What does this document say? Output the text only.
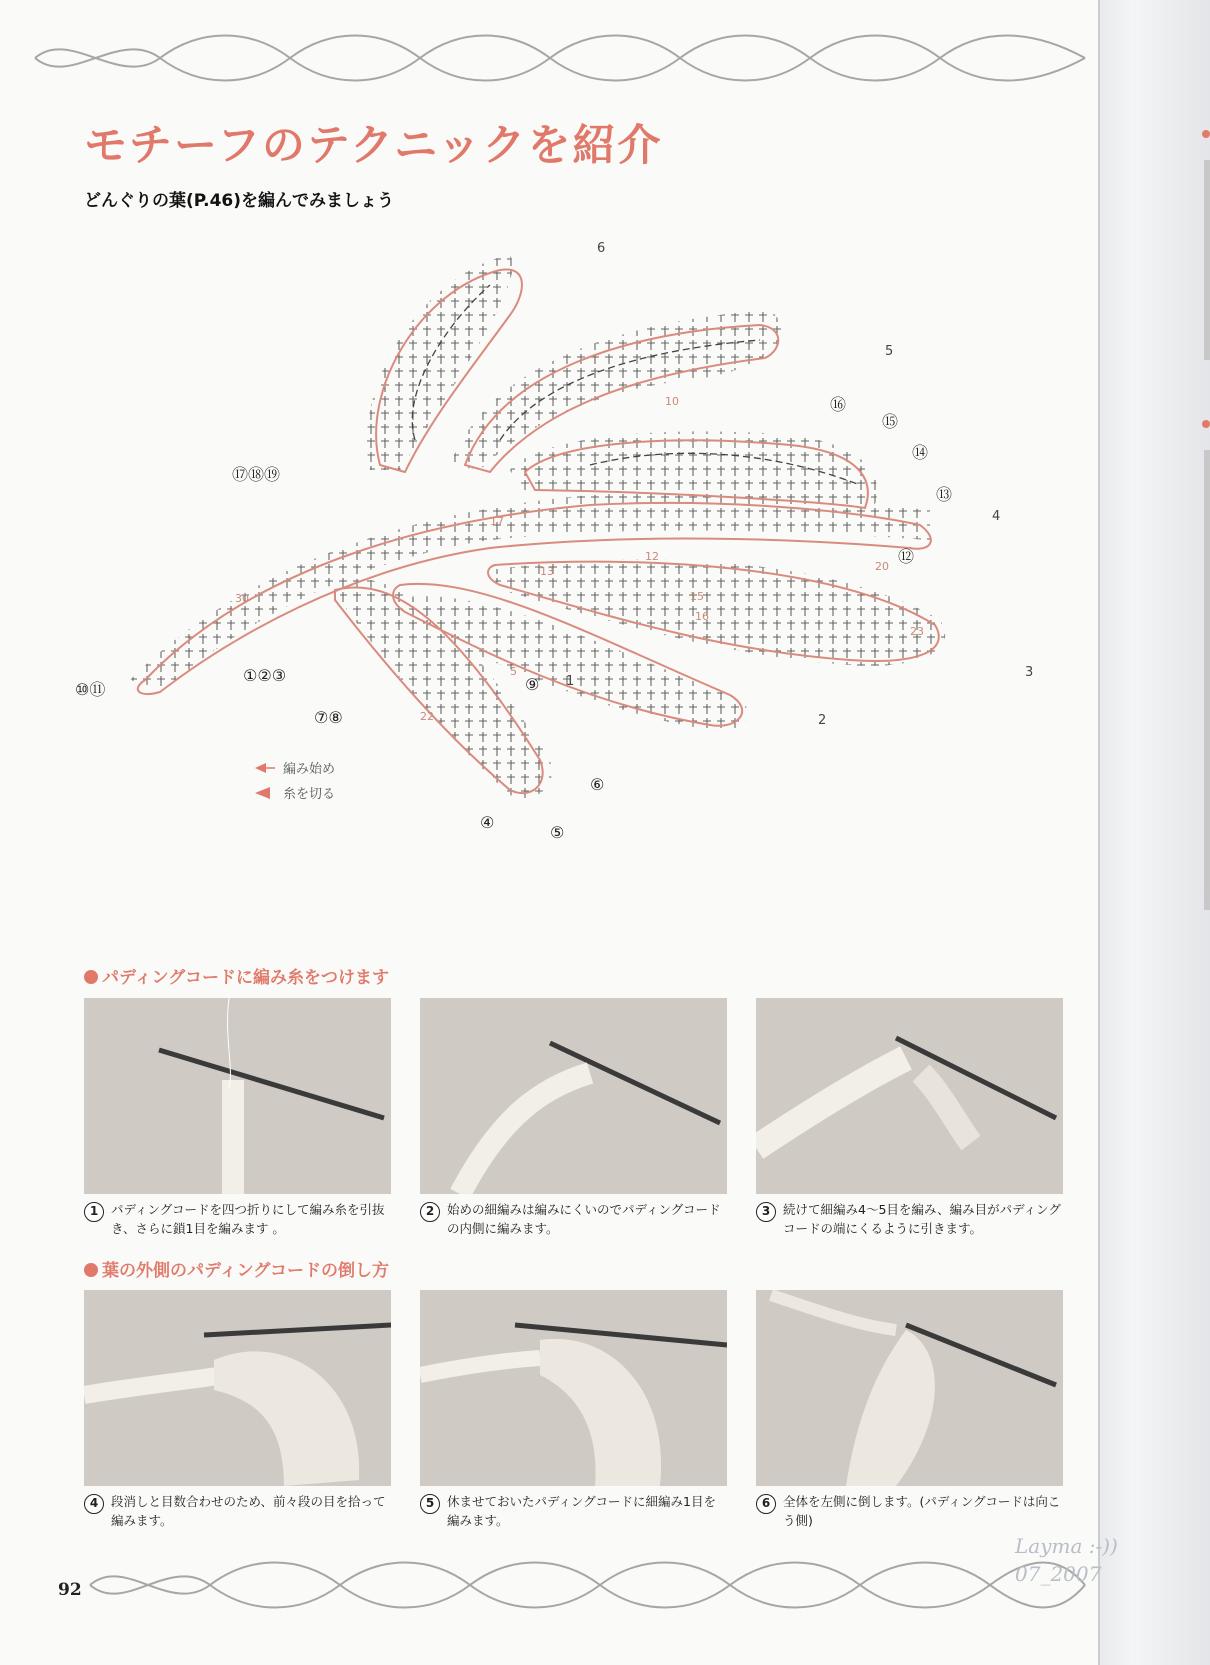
モチーフのテクニックを紹介
どんぐりの葉(P.46)を編んでみましょう
1
2
3
4
5
6
30
20
15
10
22
13
16
23
12
5
17
①②③
④
⑤
⑥
⑦⑧
⑨
⑩⑪
⑫
⑬
⑭
⑮
⑯
⑰⑱⑲
編み始め
糸を切る
パディングコードに編み糸をつけます
1	パディングコードを四つ折りにして編み糸を引抜き、さらに鎖1目を編みます 。
2	始めの細編みは編みにくいのでパディングコードの内側に編みます。
3	続けて細編み4～5目を編み、編み目がパディングコードの端にくるように引きます。
葉の外側のパディングコードの倒し方
4	段消しと目数合わせのため、前々段の目を拾って編みます。
5	休ませておいたパディングコードに細編み1目を編みます。
6	全体を左側に倒します。(パディングコードは向こう側)

92

Layma :-))
07_2007
